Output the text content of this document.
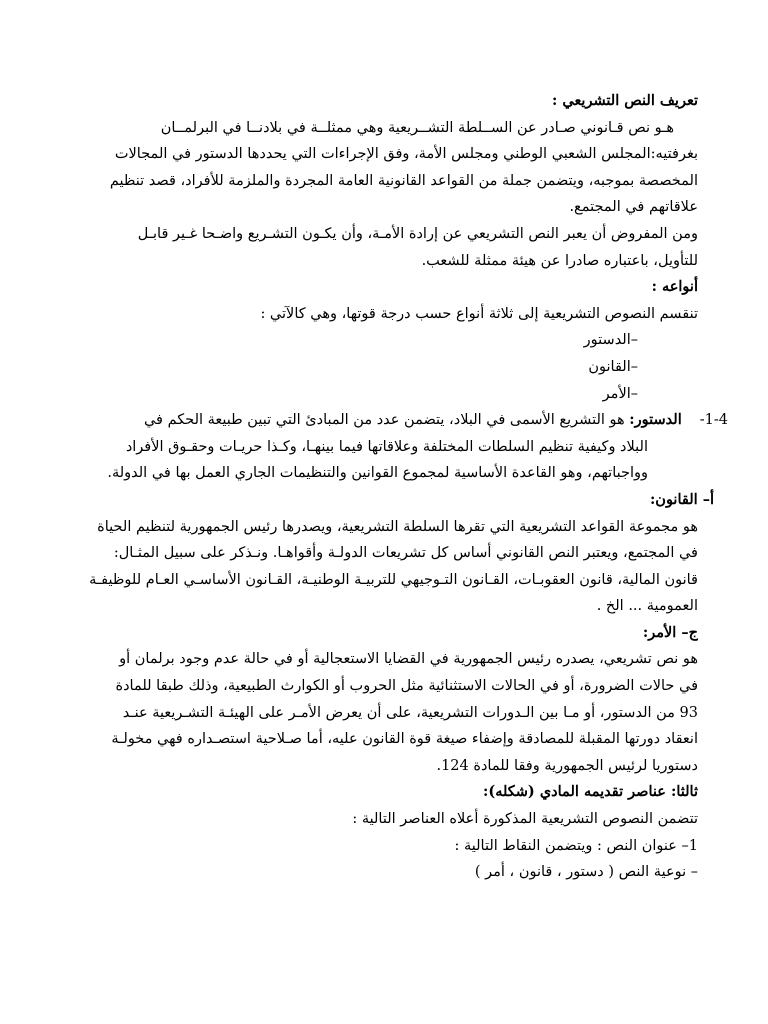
تعريف النص التشريعي :
هـو نص قـانوني صـادر عن الســلطة التشــريعية وهي ممثلــة في بلادنــا في البرلمــان
بغرفتيه:المجلس الشعبي الوطني ومجلس الأمة، وفق الإجراءات التي يحددها الدستور في المجالات
المخصصة بموجبه، ويتضمن جملة من القواعد القانونية العامة المجردة والملزمة للأفراد، قصد تنظيم
علاقاتهم في المجتمع.
ومن المفروض أن يعبر النص التشريعي عن إرادة الأمـة، وأن يكـون التشـريع واضـحا غـير قابـل
للتأويل، باعتباره صادرا عن هيئة ممثلة للشعب.
أنواعه :
تنقسم النصوص التشريعية إلى ثلاثة أنواع حسب درجة قوتها، وهي كالآتي :
–الدستور
–القانون
–الأمر
1-4-الدستور: هو التشريع الأسمى في البلاد، يتضمن عدد من المبادئ التي تبين طبيعة الحكم في
البلاد وكيفية تنظيم السلطات المختلفة وعلاقاتها فيما بينهـا، وكـذا حريـات وحقـوق الأفراد
وواجباتهم، وهو القاعدة الأساسية لمجموع القوانين والتنظيمات الجاري العمل بها في الدولة.
أ– القانون:
هو مجموعة القواعد التشريعية التي تقرها السلطة التشريعية، ويصدرها رئيس الجمهورية لتنظيم الحياة
في المجتمع، ويعتبر النص القانوني أساس كل تشريعات الدولـة وأقواهـا. ونـذكر على سبيل المثـال:
قانون المالية، قانون العقوبـات، القـانون التـوجيهي للتربيـة الوطنيـة، القـانون الأساسـي العـام للوظيفـة
العمومية ... الخ .
ج– الأمر:
هو نص تشريعي، يصدره رئيس الجمهورية في القضايا الاستعجالية أو في حالة عدم وجود برلمان أو
في حالات الضرورة، أو في الحالات الاستثنائية مثل الحروب أو الكوارث الطبيعية، وذلك طبقا للمادة
93 من الدستور، أو مـا بين الـدورات التشريعية، على أن يعرض الأمـر على الهيئـة التشـريعية عنـد
انعقاد دورتها المقبلة للمصادقة وإضفاء صيغة قوة القانون عليه، أما صـلاحية استصـداره فهي مخولـة
دستوريا لرئيس الجمهورية وفقا للمادة 124.
ثالثا: عناصر تقديمه المادي (شكله):
تتضمن النصوص التشريعية المذكورة أعلاه العناصر التالية :
1– عنوان النص : ويتضمن النقاط التالية :
– نوعية النص ( دستور ، قانون ، أمر )
